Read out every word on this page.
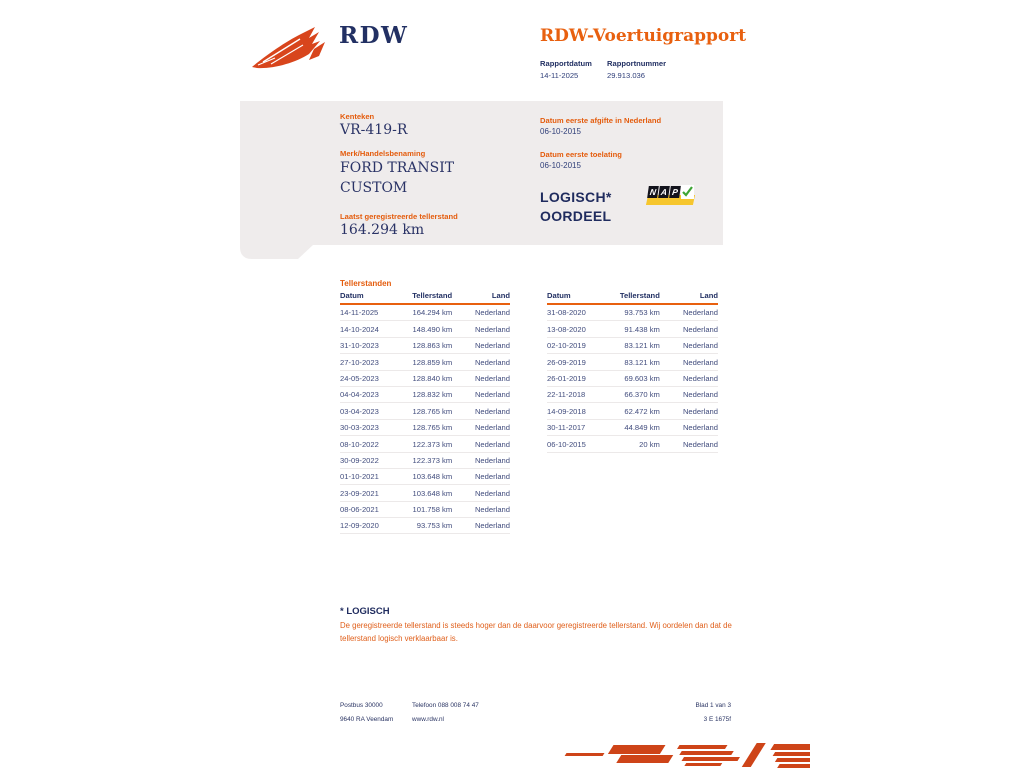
RDW	RDW-Voertuigrapport
Rapportdatum Rapportnummer
14-11-2025	29.913.036
Kenteken
VR-419-R
Merk/Handelsbenaming
FORD TRANSIT
CUSTOM
Laatst geregistreerde tellerstand
164.294 km
Datum eerste afgifte in Nederland
06-10-2015
Datum eerste toelating
06-10-2015
LOGISCH*
OORDEEL
N A P
Tellerstanden
Datum	Tellerstand	Land
14-11-2025	164.294 km	Nederland
14-10-2024	148.490 km	Nederland
31-10-2023	128.863 km	Nederland
27-10-2023	128.859 km	Nederland
24-05-2023	128.840 km	Nederland
04-04-2023	128.832 km	Nederland
03-04-2023	128.765 km	Nederland
30-03-2023	128.765 km	Nederland
08-10-2022	122.373 km	Nederland
30-09-2022	122.373 km	Nederland
01-10-2021	103.648 km	Nederland
23-09-2021	103.648 km	Nederland
08-06-2021	101.758 km	Nederland
12-09-2020	93.753 km	Nederland
Datum	Tellerstand	Land
31-08-2020	93.753 km	Nederland
13-08-2020	91.438 km	Nederland
02-10-2019	83.121 km	Nederland
26-09-2019	83.121 km	Nederland
26-01-2019	69.603 km	Nederland
22-11-2018	66.370 km	Nederland
14-09-2018	62.472 km	Nederland
30-11-2017	44.849 km	Nederland
06-10-2015	20 km	Nederland
* LOGISCH
De geregistreerde tellerstand is steeds hoger dan de daarvoor geregistreerde tellerstand. Wij oordelen dan dat de tellerstand logisch verklaarbaar is.
Postbus 30000
9640 RA Veendam
Telefoon 088 008 74 47
www.rdw.nl
Blad 1 van 3
3 E 1675f
